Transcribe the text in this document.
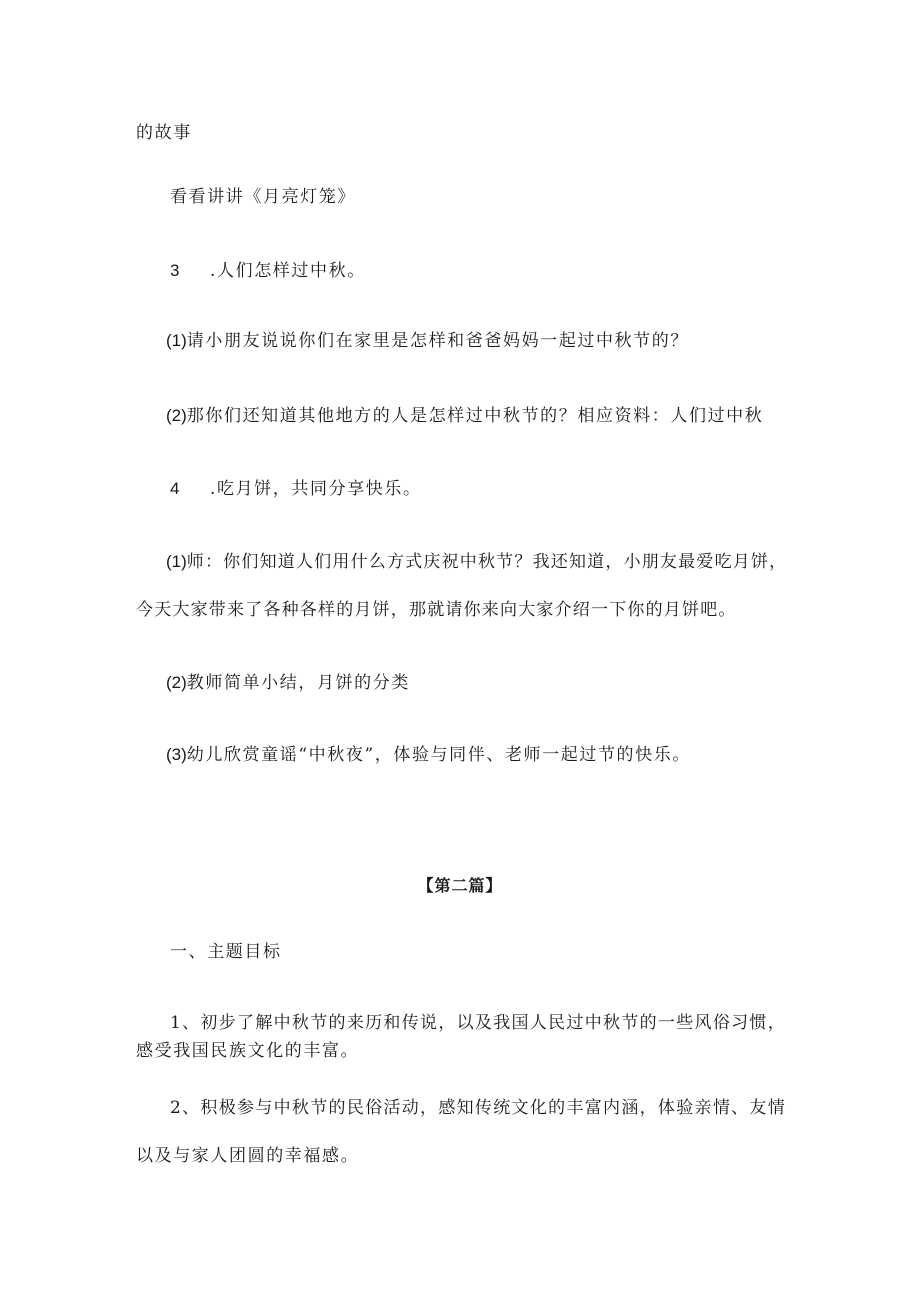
的故事
看看讲讲《月亮灯笼》
3 .人们怎样过中秋。
(1)请小朋友说说你们在家里是怎样和爸爸妈妈一起过中秋节的？
(2)那你们还知道其他地方的人是怎样过中秋节的？相应资料：人们过中秋
4 .吃月饼，共同分享快乐。
(1)师：你们知道人们用什么方式庆祝中秋节？我还知道，小朋友最爱吃月饼，
今天大家带来了各种各样的月饼，那就请你来向大家介绍一下你的月饼吧。
(2)教师简单小结，月饼的分类
(3)幼儿欣赏童谣“中秋夜”，体验与同伴、老师一起过节的快乐。
【第二篇】
一、主题目标
1、初步了解中秋节的来历和传说，以及我国人民过中秋节的一些风俗习惯，
感受我国民族文化的丰富。
2、积极参与中秋节的民俗活动，感知传统文化的丰富内涵，体验亲情、友情
以及与家人团圆的幸福感。
